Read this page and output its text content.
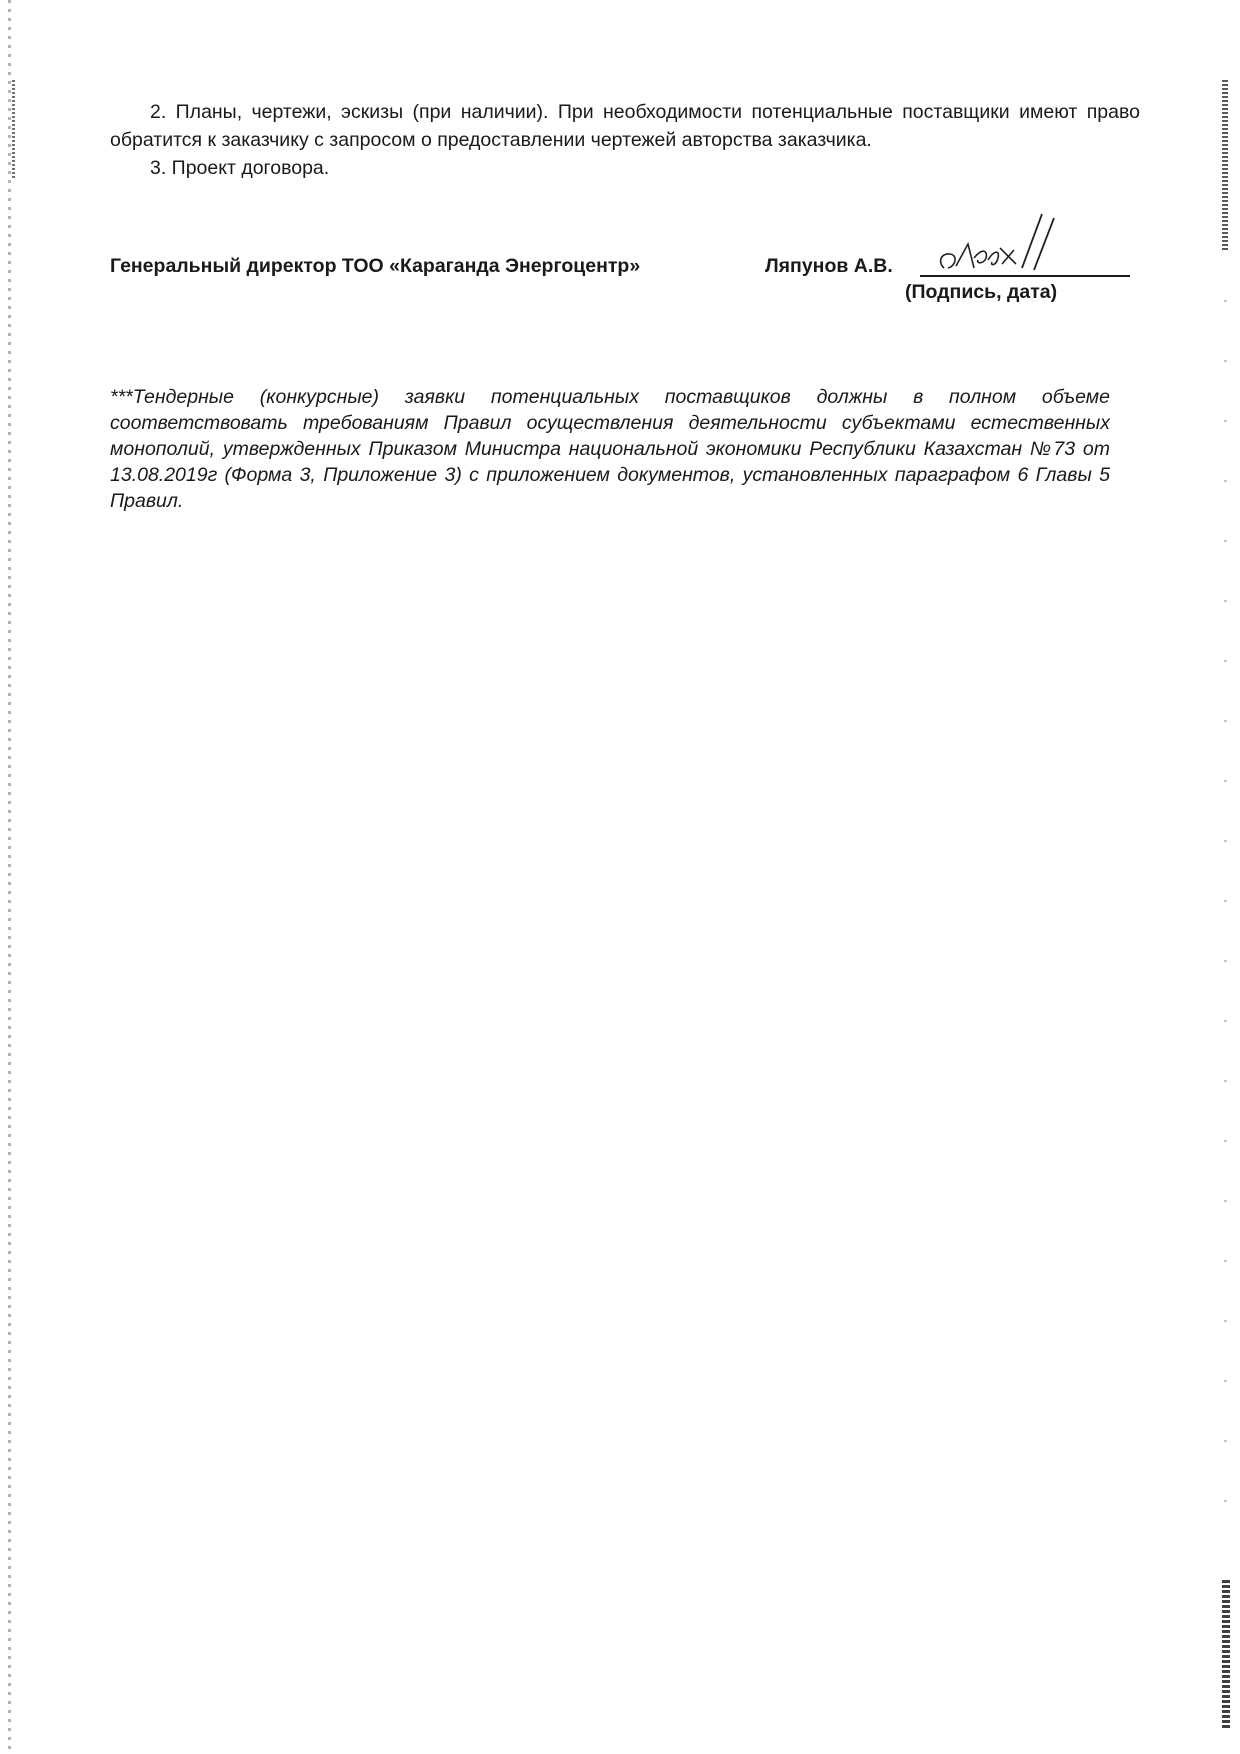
2. Планы, чертежи, эскизы (при наличии). При необходимости потенциальные поставщики имеют право обратится к заказчику с запросом о предоставлении чертежей авторства заказчика.

3. Проект договора.

Генеральный директор ТОО «Караганда Энергоцентр»	Ляпунов А.В.
(Подпись, дата)

***Тендерные (конкурсные) заявки потенциальных поставщиков должны в полном объеме соответствовать требованиям Правил осуществления деятельности субъектами естественных монополий, утвержденных Приказом Министра национальной экономики Республики Казахстан №73 от 13.08.2019г (Форма 3, Приложение 3) с приложением документов, установленных параграфом 6 Главы 5 Правил.
